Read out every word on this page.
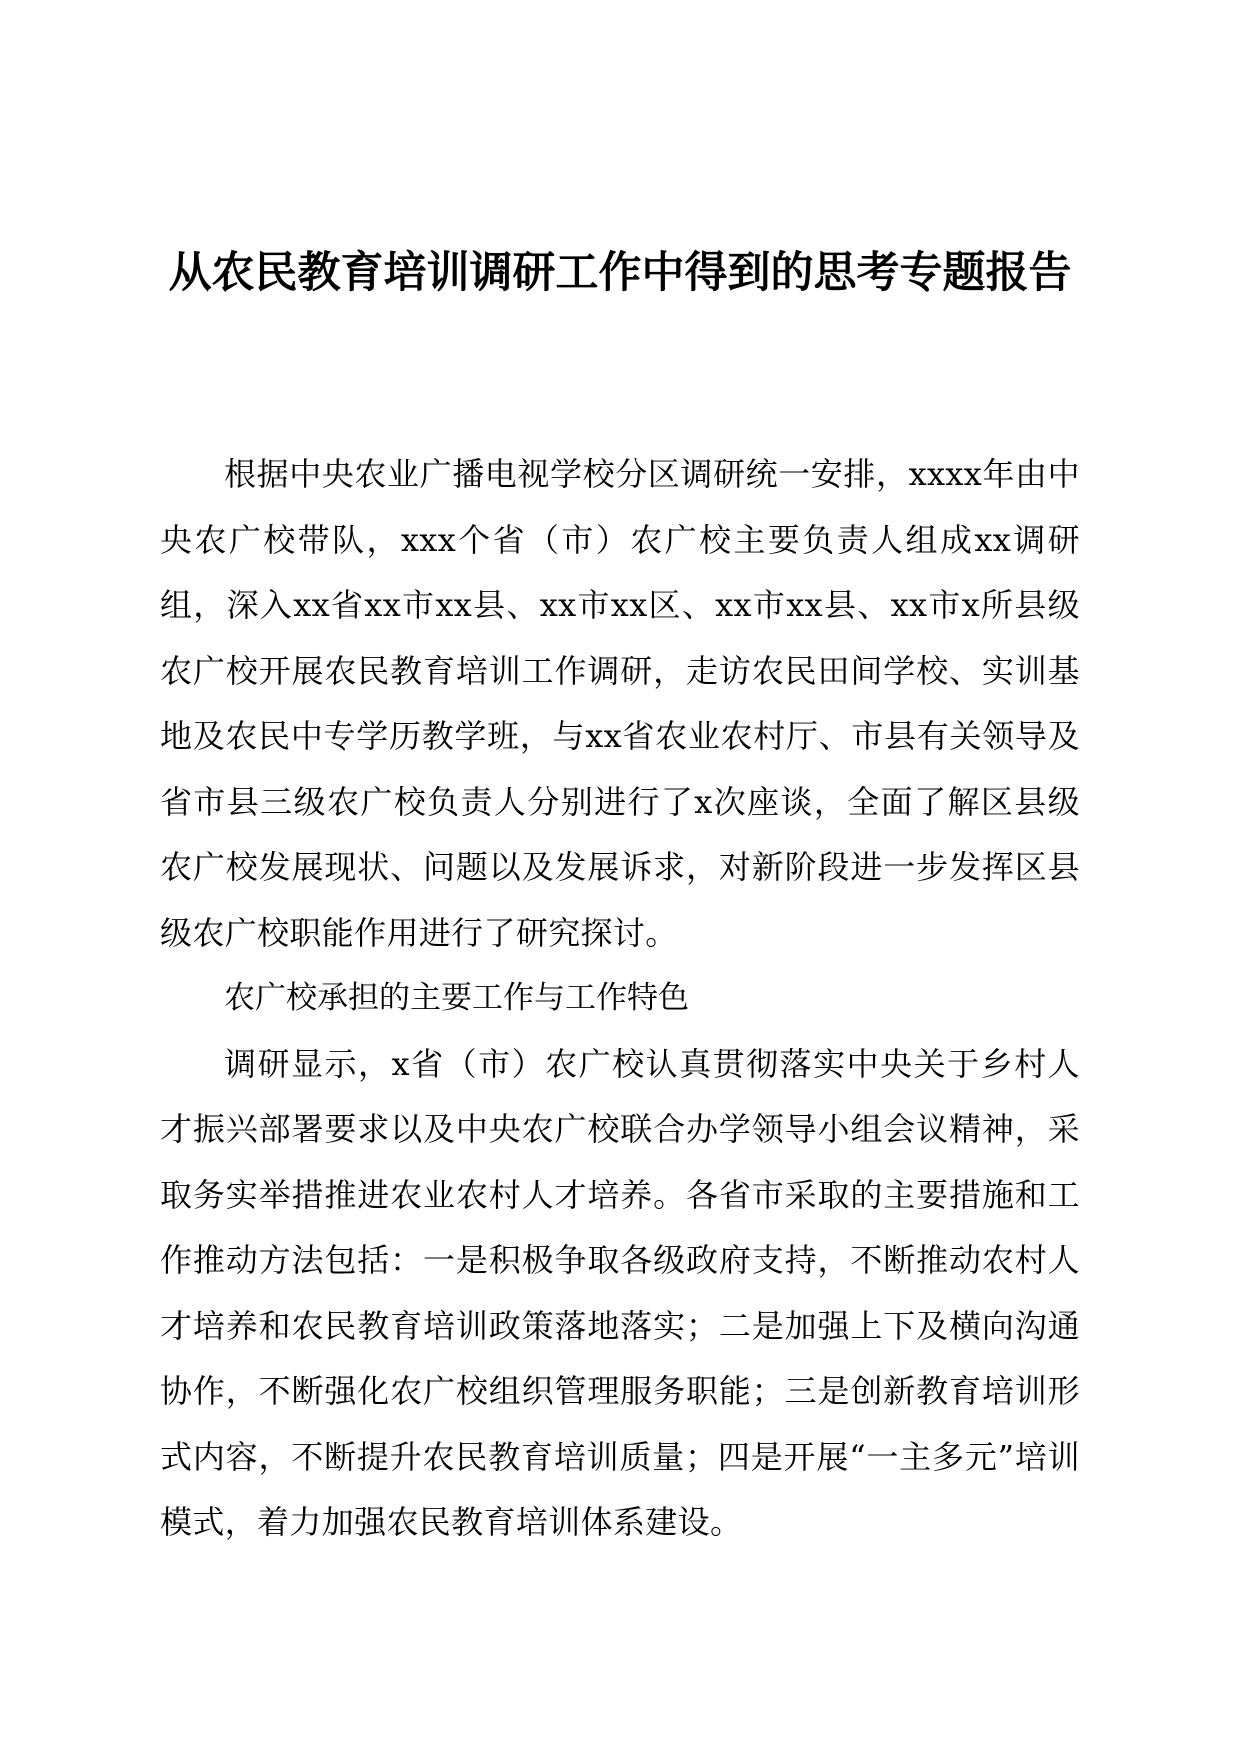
从农民教育培训调研工作中得到的思考专题报告

根据中央农业广播电视学校分区调研统一安排，xxxx年由中央农广校带队，xxx个省（市）农广校主要负责人组成xx调研组，深入xx省xx市xx县、xx市xx区、xx市xx县、xx市x所县级农广校开展农民教育培训工作调研，走访农民田间学校、实训基地及农民中专学历教学班，与xx省农业农村厅、市县有关领导及省市县三级农广校负责人分别进行了x次座谈，全面了解区县级农广校发展现状、问题以及发展诉求，对新阶段进一步发挥区县级农广校职能作用进行了研究探讨。

农广校承担的主要工作与工作特色

调研显示，x省（市）农广校认真贯彻落实中央关于乡村人才振兴部署要求以及中央农广校联合办学领导小组会议精神，采取务实举措推进农业农村人才培养。各省市采取的主要措施和工作推动方法包括：一是积极争取各级政府支持，不断推动农村人才培养和农民教育培训政策落地落实；二是加强上下及横向沟通协作，不断强化农广校组织管理服务职能；三是创新教育培训形式内容，不断提升农民教育培训质量；四是开展“一主多元”培训模式，着力加强农民教育培训体系建设。
